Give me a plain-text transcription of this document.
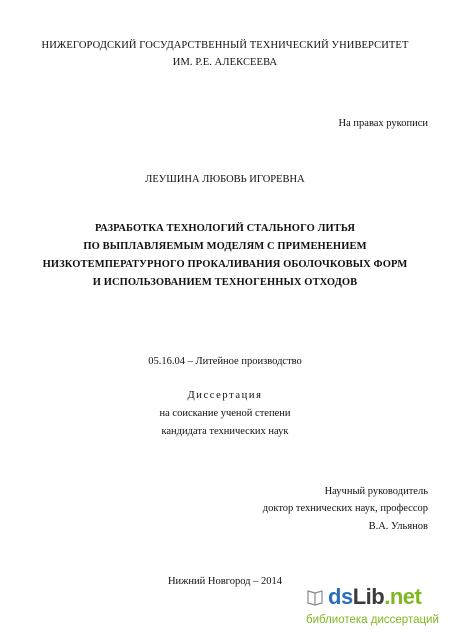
НИЖЕГОРОДСКИЙ ГОСУДАРСТВЕННЫЙ ТЕХНИЧЕСКИЙ УНИВЕРСИТЕТ
ИМ. Р.Е. АЛЕКСЕЕВА
На правах рукописи
ЛЕУШИНА ЛЮБОВЬ ИГОРЕВНА
РАЗРАБОТКА ТЕХНОЛОГИЙ СТАЛЬНОГО ЛИТЬЯ
ПО ВЫПЛАВЛЯЕМЫМ МОДЕЛЯМ С ПРИМЕНЕНИЕМ
НИЗКОТЕМПЕРАТУРНОГО ПРОКАЛИВАНИЯ ОБОЛОЧКОВЫХ ФОРМ
И ИСПОЛЬЗОВАНИЕМ ТЕХНОГЕННЫХ ОТХОДОВ
05.16.04 – Литейное производство
Диссертация
на соискание ученой степени
кандидата технических наук
Научный руководитель
доктор технических наук, профессор
В.А. Ульянов
Нижний Новгород – 2014
dsLib.net
библиотека диссертаций
